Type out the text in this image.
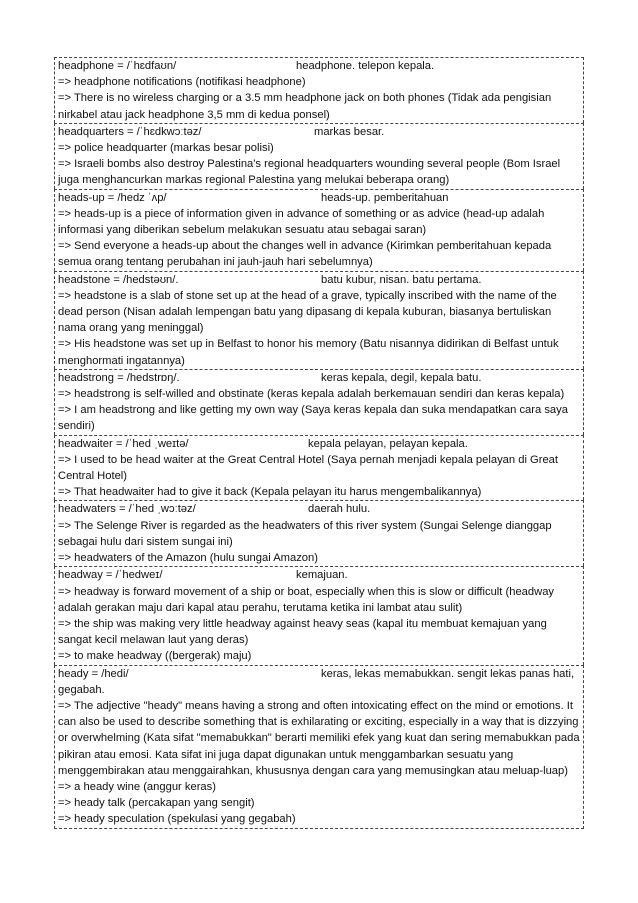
headphone = /ˈhɛdfaʊn/	headphone. telepon kepala.
=> headphone notifications (notifikasi headphone)
=> There is no wireless charging or a 3.5 mm headphone jack on both phones (Tidak ada pengisian nirkabel atau jack headphone 3,5 mm di kedua ponsel)
headquarters = /ˈhɛdkwɔːtəz/	markas besar.
=> police headquarter (markas besar polisi)
=> Israeli bombs also destroy Palestina's regional headquarters wounding several people (Bom Israel juga menghancurkan markas regional Palestina yang melukai beberapa orang)
heads-up = /hedz ˈʌp/	heads-up. pemberitahuan
=> heads-up is a piece of information given in advance of something or as advice (head-up adalah informasi yang diberikan sebelum melakukan sesuatu atau sebagai saran)
=> Send everyone a heads-up about the changes well in advance (Kirimkan pemberitahuan kepada semua orang tentang perubahan ini jauh-jauh hari sebelumnya)
headstone = /hedstəʊn/.	batu kubur, nisan. batu pertama.
=> headstone is a slab of stone set up at the head of a grave, typically inscribed with the name of the dead person (Nisan adalah lempengan batu yang dipasang di kepala kuburan, biasanya bertuliskan nama orang yang meninggal)
=> His headstone was set up in Belfast to honor his memory (Batu nisannya didirikan di Belfast untuk menghormati ingatannya)
headstrong = /hedstrɒŋ/.	keras kepala, degil, kepala batu.
=> headstrong is self-willed and obstinate (keras kepala adalah berkemauan sendiri dan keras kepala)
=> I am headstrong and like getting my own way (Saya keras kepala dan suka mendapatkan cara saya sendiri)
headwaiter = /ˈhed ˌweɪtə/	kepala pelayan, pelayan kepala.
=> I used to be head waiter at the Great Central Hotel (Saya pernah menjadi kepala pelayan di Great Central Hotel)
=> That headwaiter had to give it back (Kepala pelayan itu harus mengembalikannya)
headwaters = /ˈhed ˌwɔːtəz/	daerah hulu.
=> The Selenge River is regarded as the headwaters of this river system (Sungai Selenge dianggap sebagai hulu dari sistem sungai ini)
=> headwaters of the Amazon (hulu sungai Amazon)
headway = /ˈhedweɪ/	kemajuan.
=> headway is forward movement of a ship or boat, especially when this is slow or difficult (headway adalah gerakan maju dari kapal atau perahu, terutama ketika ini lambat atau sulit)
=> the ship was making very little headway against heavy seas (kapal itu membuat kemajuan yang sangat kecil melawan laut yang deras)
=> to make headway ((bergerak) maju)
heady = /hedi/	keras, lekas memabukkan. sengit lekas panas hati, gegabah.
=> The adjective "heady" means having a strong and often intoxicating effect on the mind or emotions. It can also be used to describe something that is exhilarating or exciting, especially in a way that is dizzying or overwhelming (Kata sifat "memabukkan" berarti memiliki efek yang kuat dan sering memabukkan pada pikiran atau emosi. Kata sifat ini juga dapat digunakan untuk menggambarkan sesuatu yang menggembirakan atau menggairahkan, khususnya dengan cara yang memusingkan atau meluap-luap)
=> a heady wine (anggur keras)
=> heady talk (percakapan yang sengit)
=> heady speculation (spekulasi yang gegabah)
